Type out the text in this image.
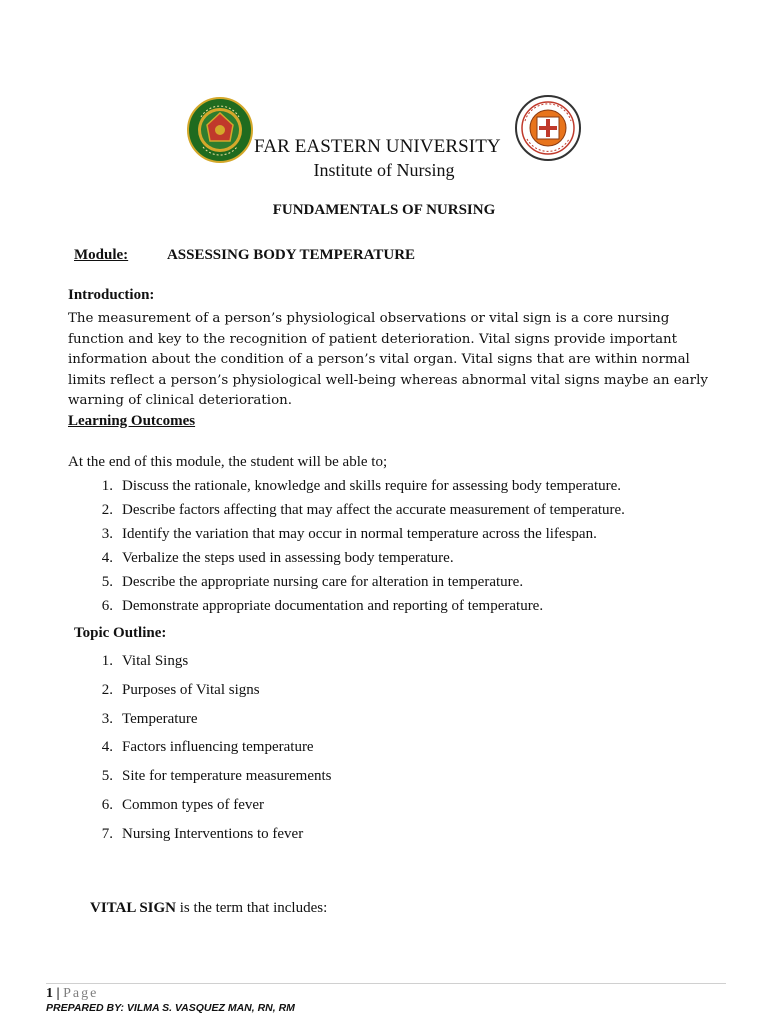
FAR EASTERN UNIVERSITY
Institute of Nursing
FUNDAMENTALS OF NURSING
Module:	ASSESSING BODY TEMPERATURE
Introduction:
The measurement of a person’s physiological observations or vital sign is a core nursing function and key to the recognition of patient deterioration. Vital signs provide important information about the condition of a person’s vital organ. Vital signs that are within normal limits reflect a person’s physiological well-being whereas abnormal vital signs maybe an early warning of clinical deterioration.
Learning Outcomes
At the end of this module, the student will be able to;
1. Discuss the rationale, knowledge and skills require for assessing body temperature.
2. Describe factors affecting that may affect the accurate measurement of temperature.
3. Identify the variation that may occur in normal temperature across the lifespan.
4. Verbalize the steps used in assessing body temperature.
5. Describe the appropriate nursing care for alteration in temperature.
6. Demonstrate appropriate documentation and reporting of temperature.
Topic Outline:
1. Vital Sings
2. Purposes of Vital signs
3. Temperature
4. Factors influencing temperature
5. Site for temperature measurements
6. Common types of fever
7. Nursing Interventions to fever
VITAL SIGN is the term that includes:
1 | Page
PREPARED BY: VILMA S. VASQUEZ MAN, RN, RM
